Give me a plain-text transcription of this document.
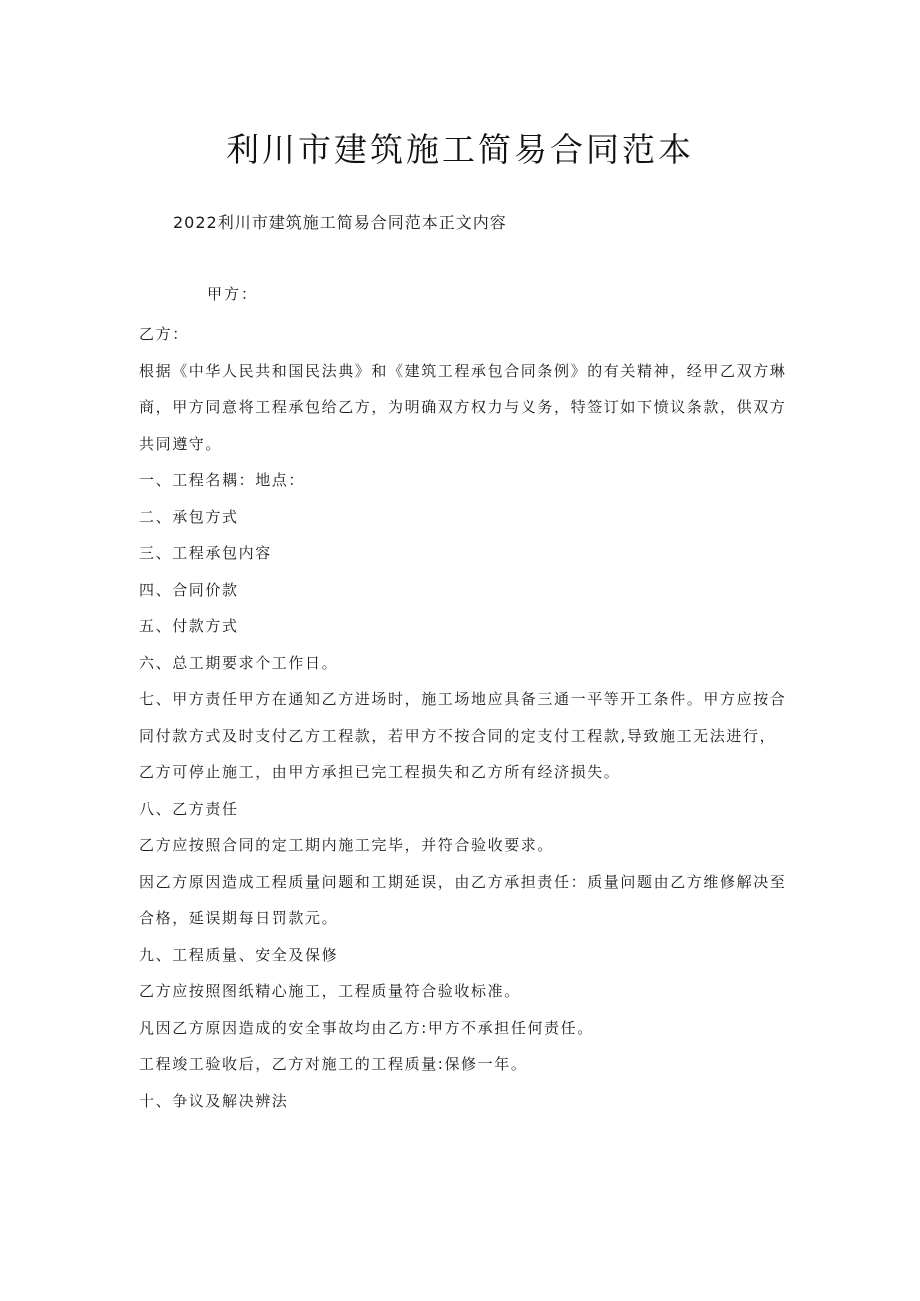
利川市建筑施工简易合同范本
2022利川市建筑施工简易合同范本正文内容
甲方：

乙方：

根据《中华人民共和国民法典》和《建筑工程承包合同条例》的有关精神，经甲乙双方琳商，甲方同意将工程承包给乙方，为明确双方权力与义务，特签订如下愤议条款，供双方共同遵守。

一、工程名耦：地点：

二、承包方式

三、工程承包内容

四、合同价款

五、付款方式

六、总工期要求个工作日。

七、甲方责任甲方在通知乙方进场时，施工场地应具备三通一平等开工条件。甲方应按合同付款方式及时支付乙方工程款，若甲方不按合同的定支付工程款,导致施工无法进行，乙方可停止施工，由甲方承担已完工程损失和乙方所有经济损失。

八、乙方责任

乙方应按照合同的定工期内施工完毕，并符合验收要求。

因乙方原因造成工程质量问题和工期延误，由乙方承担责任：质量问题由乙方维修解决至合格，延误期每日罚款元。

九、工程质量、安全及保修

乙方应按照图纸精心施工，工程质量符合验收标准。

凡因乙方原因造成的安全事故均由乙方:甲方不承担任何责任。

工程竣工验收后，乙方对施工的工程质量:保修一年。

十、争议及解决辨法
